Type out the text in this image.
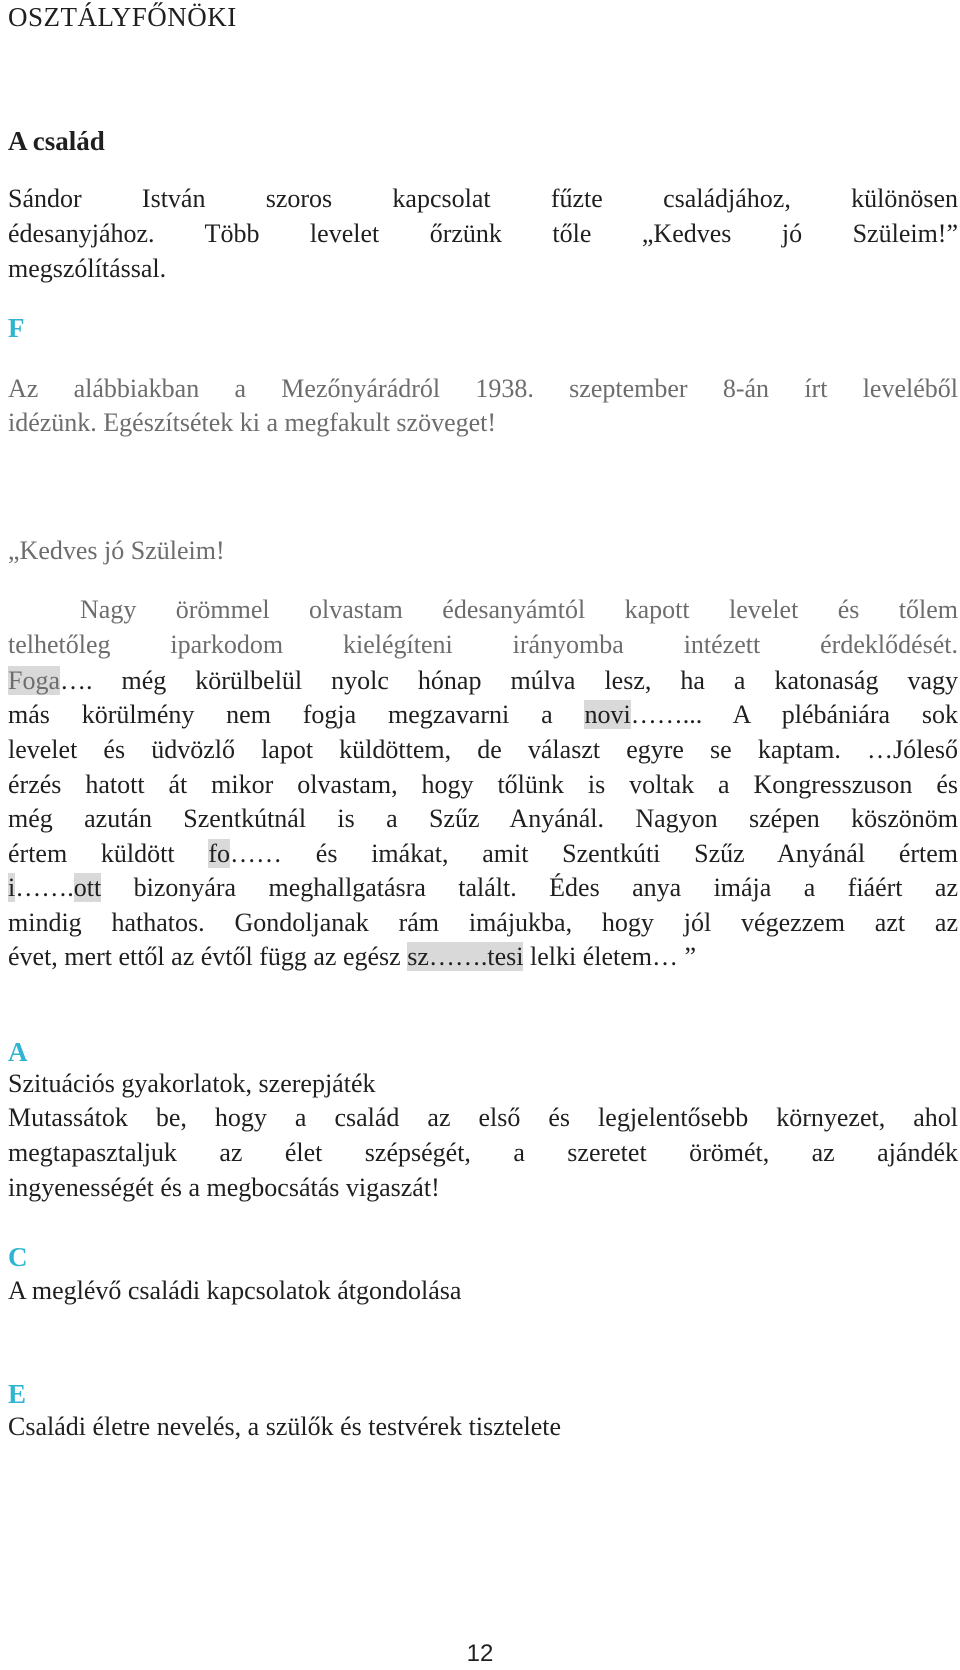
OSZTÁLYFŐNÖKI

A család

Sándor István szoros kapcsolat fűzte családjához, különösen

édesanyjához. Több levelet őrzünk tőle „Kedves jó Szüleim!”

megszólítással.

F

Az alábbiakban a Mezőnyárádról 1938. szeptember 8-án írt leveléből

idézünk. Egészítsétek ki a megfakult szöveget!

„Kedves jó Szüleim!

Nagy örömmel olvastam édesanyámtól kapott levelet és tőlem

telhetőleg iparkodom kielégíteni irányomba intézett érdeklődését.

Foga…. még körülbelül nyolc hónap múlva lesz, ha a katonaság vagy

más körülmény nem fogja megzavarni a novi……... A plébániára sok

levelet és üdvözlő lapot küldöttem, de választ egyre se kaptam. …Jóleső

érzés hatott át mikor olvastam, hogy tőlünk is voltak a Kongresszuson és

még azután Szentkútnál is a Szűz Anyánál. Nagyon szépen köszönöm

értem küldött fo…… és imákat, amit Szentkúti Szűz Anyánál értem

i…….ott bizonyára meghallgatásra talált. Édes anya imája a fiáért az

mindig hathatos. Gondoljanak rám imájukba, hogy jól végezzem azt az

évet, mert ettől az évtől függ az egész sz…….tesi lelki életem… ”

A

Szituációs gyakorlatok, szerepjáték

Mutassátok be, hogy a család az első és legjelentősebb környezet, ahol

megtapasztaljuk az élet szépségét, a szeretet örömét, az ajándék

ingyenességét és a megbocsátás vigaszát!

C

A meglévő családi kapcsolatok átgondolása

E

Családi életre nevelés, a szülők és testvérek tisztelete

12
